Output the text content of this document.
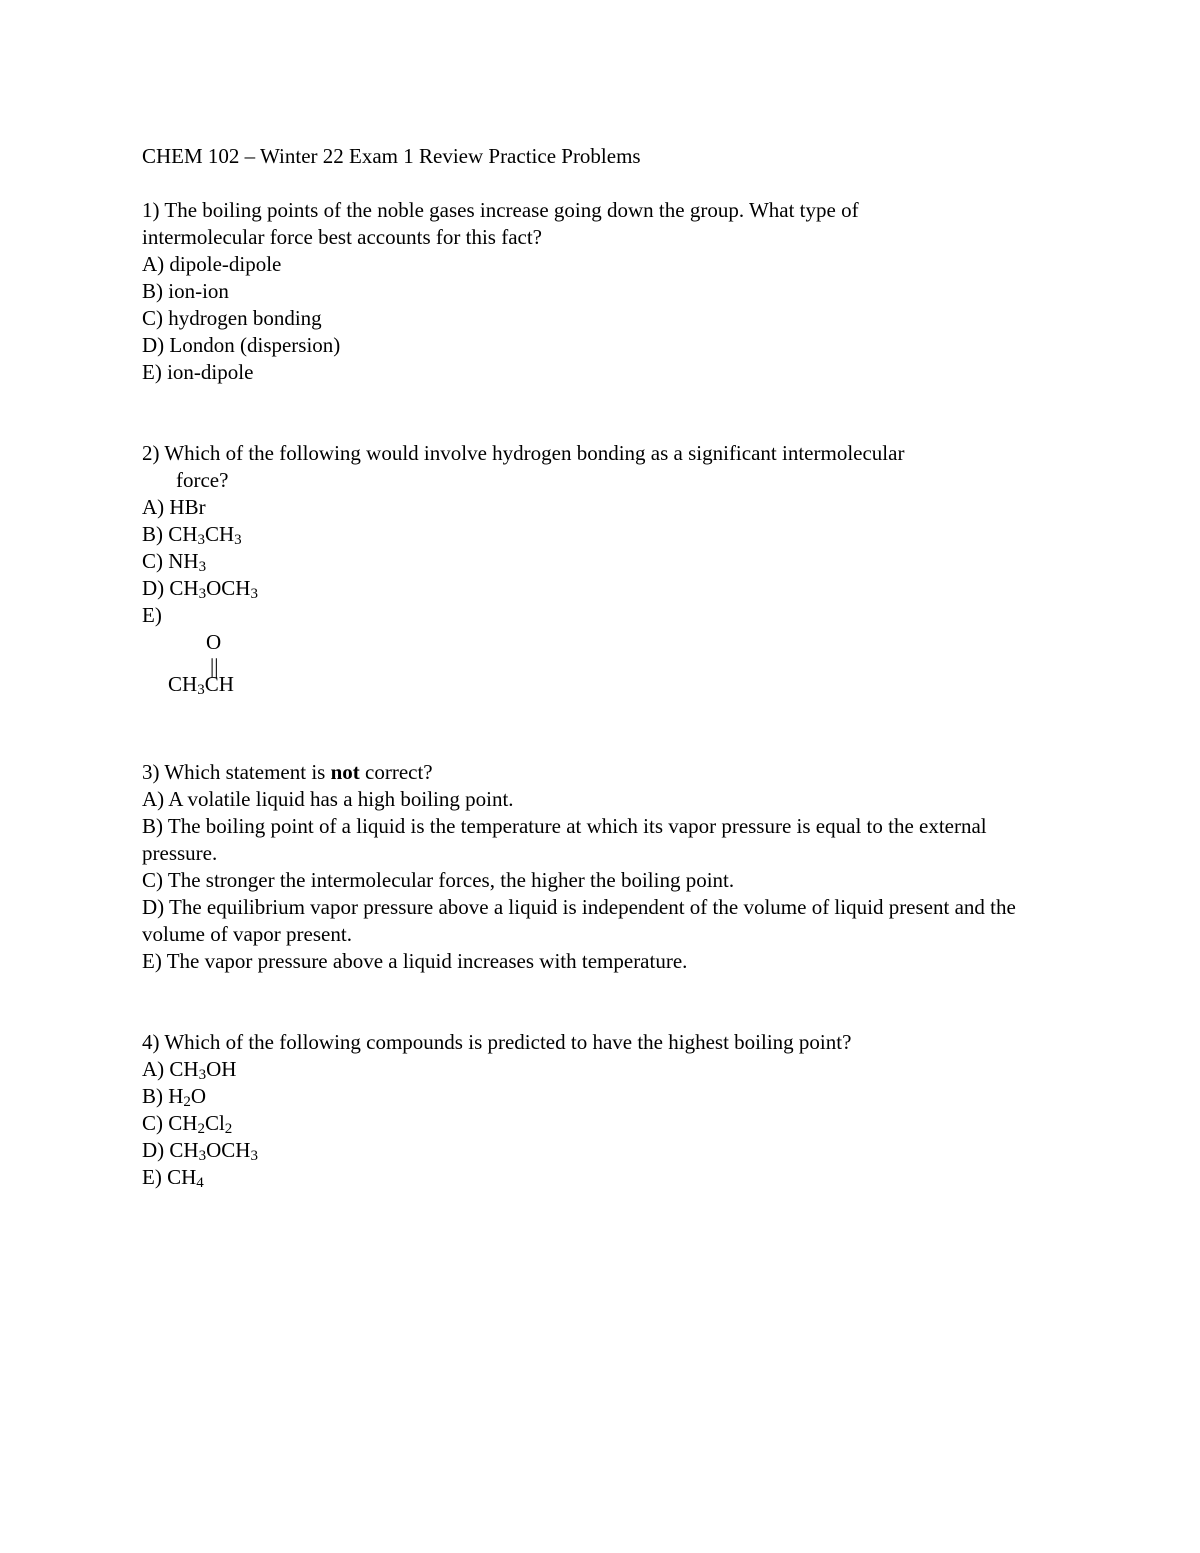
CHEM 102 – Winter 22 Exam 1 Review Practice Problems

1) The boiling points of the noble gases increase going down the group. What type of

intermolecular force best accounts for this fact?

A) dipole-dipole

B) ion-ion

C) hydrogen bonding

D) London (dispersion)

E) ion-dipole

2) Which of the following would involve hydrogen bonding as a significant intermolecular

force?

A) HBr

B) $CH_3CH_3$

C) $NH_3$

D) $CH_3OCH_3$

E)

O
||
$CH_3CH$

3) Which statement is not correct?

A) A volatile liquid has a high boiling point.

B) The boiling point of a liquid is the temperature at which its vapor pressure is equal to the external pressure.

C) The stronger the intermolecular forces, the higher the boiling point.

D) The equilibrium vapor pressure above a liquid is independent of the volume of liquid present and the volume of vapor present.

E) The vapor pressure above a liquid increases with temperature.

4) Which of the following compounds is predicted to have the highest boiling point?

A) $CH_3OH$

B) $H_2O$

C) $CH_2Cl_2$

D) $CH_3OCH_3$

E) $CH_4$
